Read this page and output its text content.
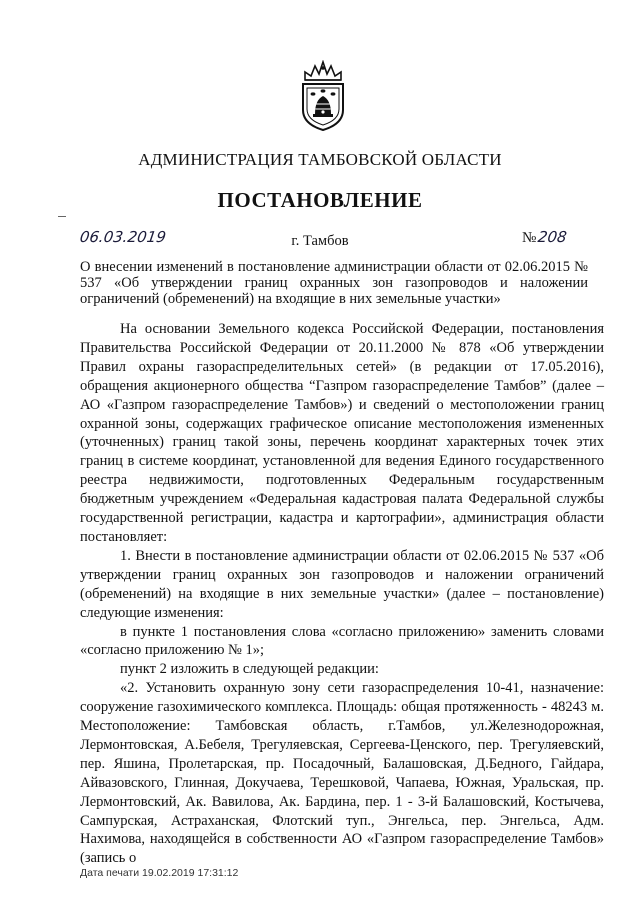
АДМИНИСТРАЦИЯ ТАМБОВСКОЙ ОБЛАСТИ
ПОСТАНОВЛЕНИЕ
06.03.2019	г. Тамбов	№208
О внесении изменений в постановление администрации области от 02.06.2015 № 537 «Об утверждении границ охранных зон газопроводов и наложении ограничений (обременений) на входящие в них земельные участки»

На основании Земельного кодекса Российской Федерации, постановления Правительства Российской Федерации от 20.11.2000 № 878 «Об утверждении Правил охраны газораспределительных сетей» (в редакции от 17.05.2016), обращения акционерного общества “Газпром газораспределение Тамбов” (далее – АО «Газпром газораспределение Тамбов») и сведений о местоположении границ охранной зоны, содержащих графическое описание местоположения измененных (уточненных) границ такой зоны, перечень координат характерных точек этих границ в системе координат, установленной для ведения Единого государственного реестра недвижимости, подготовленных Федеральным государственным бюджетным учреждением «Федеральная кадастровая палата Федеральной службы государственной регистрации, кадастра и картографии», администрация области постановляет:

1. Внести в постановление администрации области от 02.06.2015 № 537 «Об утверждении границ охранных зон газопроводов и наложении ограничений (обременений) на входящие в них земельные участки» (далее – постановление) следующие изменения:

в пункте 1 постановления слова «согласно приложению» заменить словами «согласно приложению № 1»;

пункт 2 изложить в следующей редакции:

«2. Установить охранную зону сети газораспределения 10-41, назначение: сооружение газохимического комплекса. Площадь: общая протяженность - 48243 м. Местоположение: Тамбовская область, г.Тамбов, ул.Железнодорожная, Лермонтовская, А.Бебеля, Трегуляевская, Сергеева-Ценского, пер. Трегуляевский, пер. Яшина, Пролетарская, пр. Посадочный, Балашовская, Д.Бедного, Гайдара, Айвазовского, Глинная, Докучаева, Терешковой, Чапаева, Южная, Уральская, пр. Лермонтовский, Ак. Вавилова, Ак. Бардина, пер. 1 - 3-й Балашовский, Костычева, Сампурская, Астраханская, Флотский туп., Энгельса, пер. Энгельса, Адм. Нахимова, находящейся в собственности АО «Газпром газораспределение Тамбов» (запись о

Дата печати 19.02.2019 17:31:12
